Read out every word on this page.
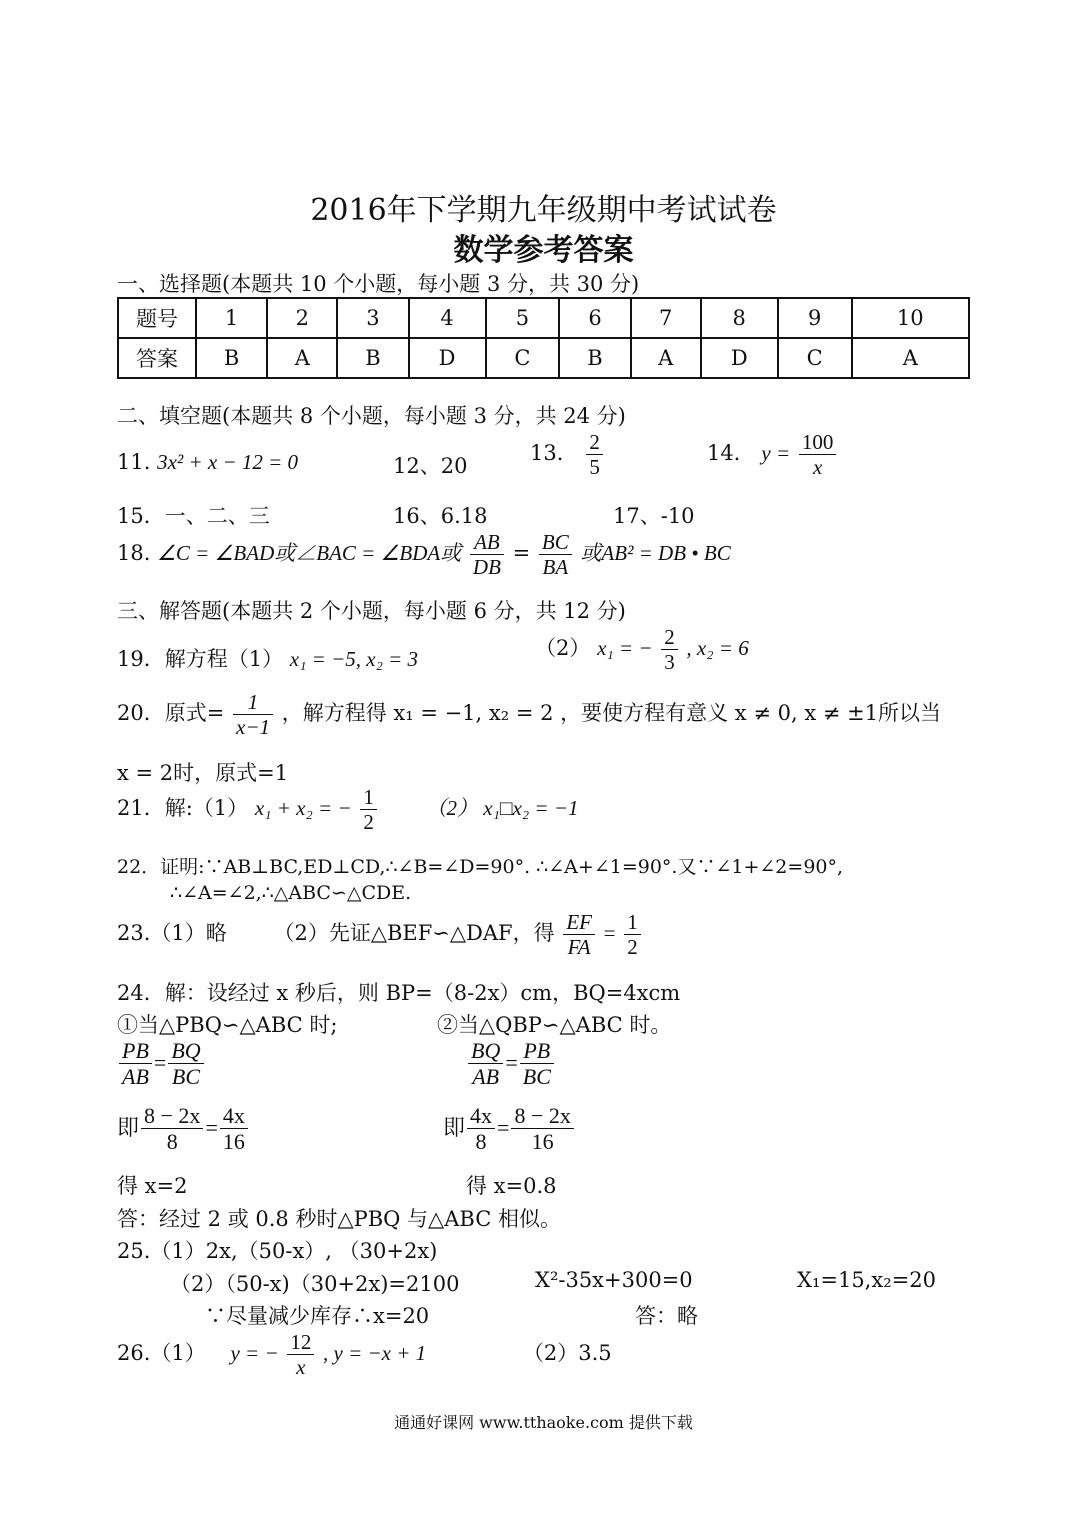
2016年下学期九年级期中考试试卷
数学参考答案
一、选择题(本题共 10 个小题，每小题 3 分，共 30 分)
题号	1	2	3	4	5	6	7	8	9	10
答案	B	A	B	D	C	B	A	D	C	A
二、填空题(本题共 8 个小题，每小题 3 分，共 24 分)
11. 3x² + x − 12 = 0	12、20
13． $\frac{2}{5}$	14． $y = \frac{100}{x}$
15．一、二、三	16、6.18	17、-10
18. ∠C = ∠BAD或∠BAC = ∠BDA或 $\frac{AB}{DB} = \frac{BC}{BA}$ 或AB² = DB • BC
三、解答题(本题共 2 个小题，每小题 6 分，共 12 分)
19．解方程（1） x₁ = −5, x₂ = 3	（2） x₁ = − $\frac{2}{3}$ , x₂ = 6
20．原式= $\frac{1}{x-1}$ ，解方程得 x₁ = −1, x₂ = 2 ，要使方程有意义 x ≠ 0, x ≠ ±1所以当
x = 2时，原式=1
21．解:（1） x₁ + x₂ = − $\frac{1}{2} (2)$ x₁□x₂ = −1
22．证明:∵AB⊥BC,ED⊥CD,∴∠B=∠D=90°. ∴∠A+∠1=90°.又∵∠1+∠2=90°,
∴∠A=∠2,∴△ABC∽△CDE.
23.（1）略 （2）先证△BEF∽△DAF，得 $\frac{EF}{FA} = \frac{1}{2}$
24．解：设经过 x 秒后，则 BP=（8-2x）cm，BQ=4xcm
①当△PBQ∽△ABC 时;	②当△QBP∽△ABC 时。
$\frac{PB}{AB} = \frac{BQ}{BC}$	$\frac{BQ}{AB} = \frac{PB}{BC}$
即 $\frac{8 - 2x}{8} = \frac{4x}{16}$	即 $\frac{4x}{8} = \frac{8 - 2x}{16}$
得 x=2	得 x=0.8
答：经过 2 或 0.8 秒时△PBQ 与△ABC 相似。
25.（1）2x,（50-x）, （30+2x)
（2）（50-x)（30+2x)=2100	X²-35x+300=0	X₁=15,x₂=20
∵尽量减少库存∴x=20	答：略
26.（1） y = − $\frac{12}{x}$ , y = −x + 1	（2）3.5
通通好课网 www.tthaoke.com 提供下载
